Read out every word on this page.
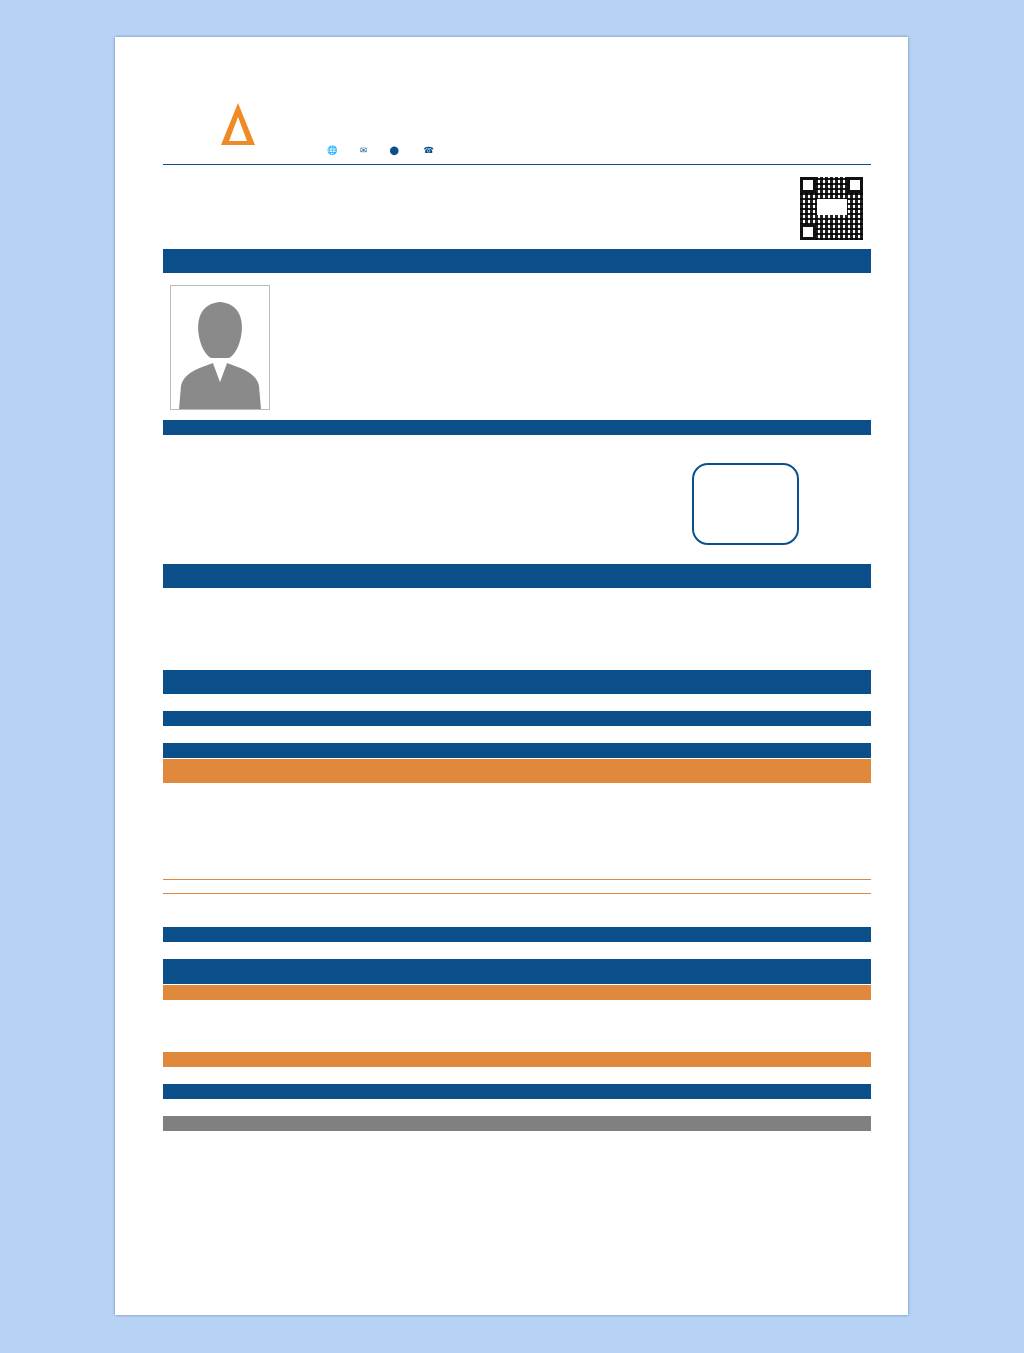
🌐	✉	⬤	☎
